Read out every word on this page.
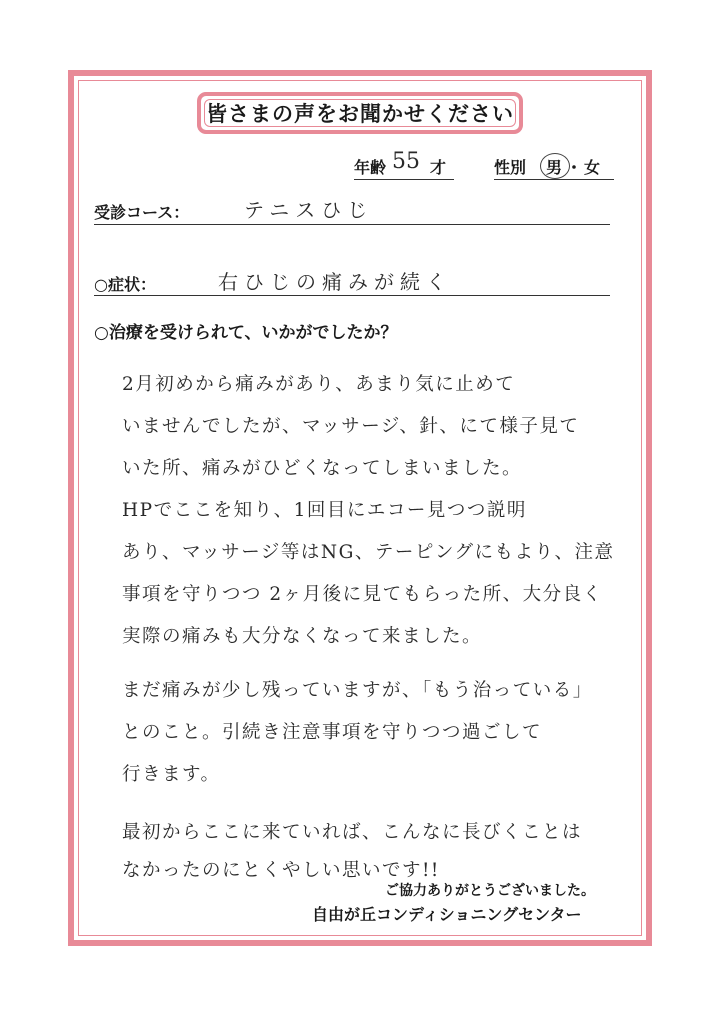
皆さまの声をお聞かせください
年齢 55 才	性別 男 ・ 女
受診コース：	テニスひじ
○症状：	右ひじの痛みが続く
○治療を受けられて、いかがでしたか？
2月初めから痛みがあり、あまり気に止めて
いませんでしたが、マッサージ、針、にて様子見て
いた所、痛みがひどくなってしまいました。
HPでここを知り、1回目にエコー見つつ説明
あり、マッサージ等はNG、テーピングにもより、注意
事項を守りつつ 2ヶ月後に見てもらった所、大分良く
実際の痛みも大分なくなって来ました。
まだ痛みが少し残っていますが、「もう治っている」
とのこと。引続き注意事項を守りつつ過ごして
行きます。
最初からここに来ていれば、こんなに長びくことは
なかったのにとくやしい思いです!!
ご協力ありがとうございました。
自由が丘コンディショニングセンター
